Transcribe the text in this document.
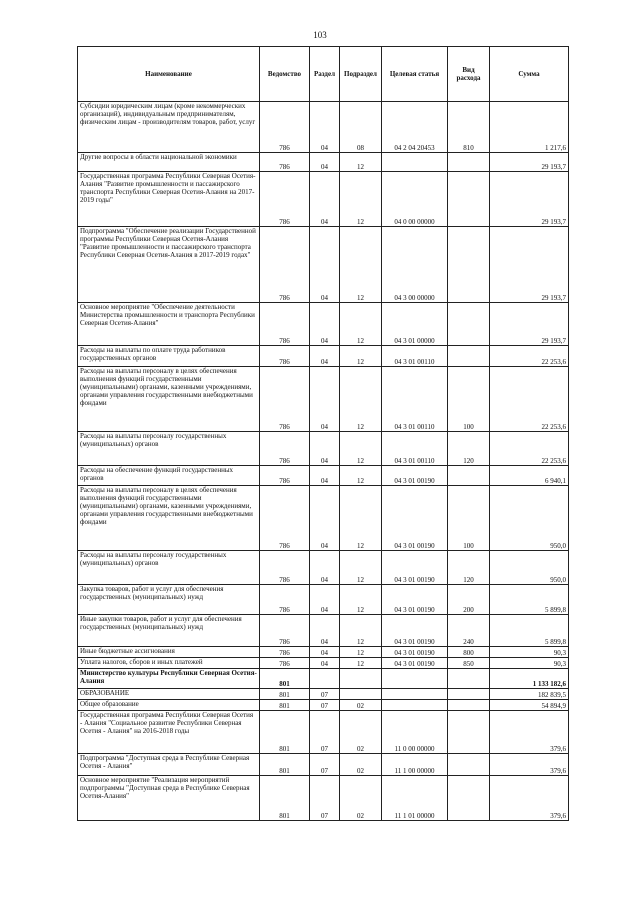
103
Наименование	Ведомство	Раздел	Подраздел	Целевая статья	Вид расхода	Сумма
Субсидии юридическим лицам (кроме некоммерческих организаций), индивидуальным предпринимателям, физическим лицам - производителям товаров, работ, услуг	786	04	08	04 2 04 20453	810	1 217,6
Другие вопросы в области национальной экономики	786	04	12			29 193,7
Государственная программа Республики Северная Осетия-Алания "Развитие промышленности и пассажирского транспорта Республики Северная Осетия-Алания на 2017-2019 годы"	786	04	12	04 0 00 00000		29 193,7
Подпрограмма "Обеспечение реализации Государственной программы Республики Северная Осетия-Алания "Развитие промышленности и пассажирского транспорта Республики Северная Осетия-Алания в 2017-2019 годах"	786	04	12	04 3 00 00000		29 193,7
Основное мероприятие "Обеспечение деятельности Министерства промышленности и транспорта Республики Северная Осетия-Алания"	786	04	12	04 3 01 00000		29 193,7
Расходы на выплаты по оплате труда работников государственных органов	786	04	12	04 3 01 00110		22 253,6
Расходы на выплаты персоналу в целях обеспечения выполнения функций государственными (муниципальными) органами, казенными учреждениями, органами управления государственными внебюджетными фондами	786	04	12	04 3 01 00110	100	22 253,6
Расходы на выплаты персоналу государственных (муниципальных) органов	786	04	12	04 3 01 00110	120	22 253,6
Расходы на обеспечение функций государственных органов	786	04	12	04 3 01 00190		6 940,1
Расходы на выплаты персоналу в целях обеспечения выполнения функций государственными (муниципальными) органами, казенными учреждениями, органами управления государственными внебюджетными фондами	786	04	12	04 3 01 00190	100	950,0
Расходы на выплаты персоналу государственных (муниципальных) органов	786	04	12	04 3 01 00190	120	950,0
Закупка товаров, работ и услуг для обеспечения государственных (муниципальных) нужд	786	04	12	04 3 01 00190	200	5 899,8
Иные закупки товаров, работ и услуг для обеспечения государственных (муниципальных) нужд	786	04	12	04 3 01 00190	240	5 899,8
Иные бюджетные ассигнования	786	04	12	04 3 01 00190	800	90,3
Уплата налогов, сборов и иных платежей	786	04	12	04 3 01 00190	850	90,3
Министерство культуры Республики Северная Осетия-Алания	801					1 133 182,6
ОБРАЗОВАНИЕ	801	07				182 839,5
Общее образование	801	07	02			54 894,9
Государственная программа Республики Северная Осетия - Алания "Социальное развитие Республики Северная Осетия - Алания" на 2016-2018 годы	801	07	02	11 0 00 00000		379,6
Подпрограмма "Доступная среда в Республике Северная Осетия - Алания"	801	07	02	11 1 00 00000		379,6
Основное мероприятие "Реализация мероприятий подпрограммы "Доступная среда в Республике Северная Осетия-Алания"	801	07	02	11 1 01 00000		379,6
